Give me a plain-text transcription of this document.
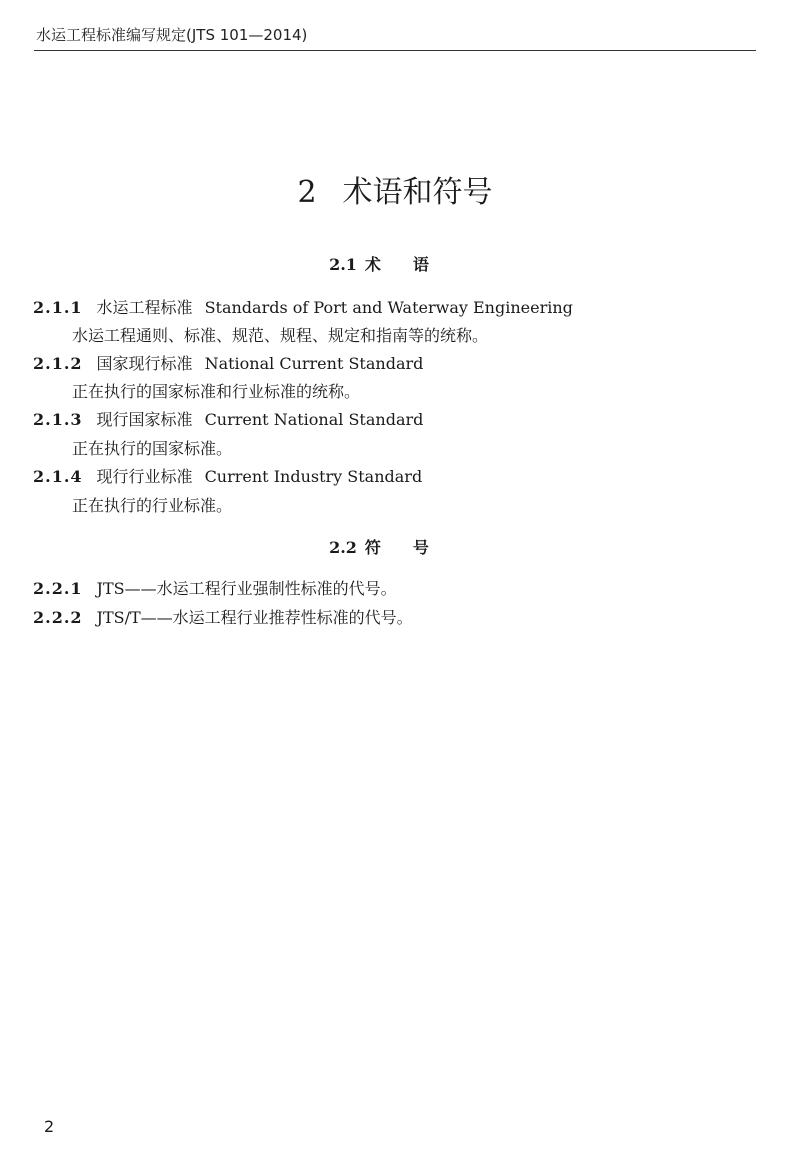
水运工程标准编写规定(JTS 101—2014)
2 术语和符号
2.1 术语
2.1.1 水运工程标准 Standards of Port and Waterway Engineering
水运工程通则、标准、规范、规程、规定和指南等的统称。
2.1.2 国家现行标准 National Current Standard
正在执行的国家标准和行业标准的统称。
2.1.3 现行国家标准 Current National Standard
正在执行的国家标准。
2.1.4 现行行业标准 Current Industry Standard
正在执行的行业标准。
2.2 符号
2.2.1 JTS——水运工程行业强制性标准的代号。
2.2.2 JTS/T——水运工程行业推荐性标准的代号。
2
